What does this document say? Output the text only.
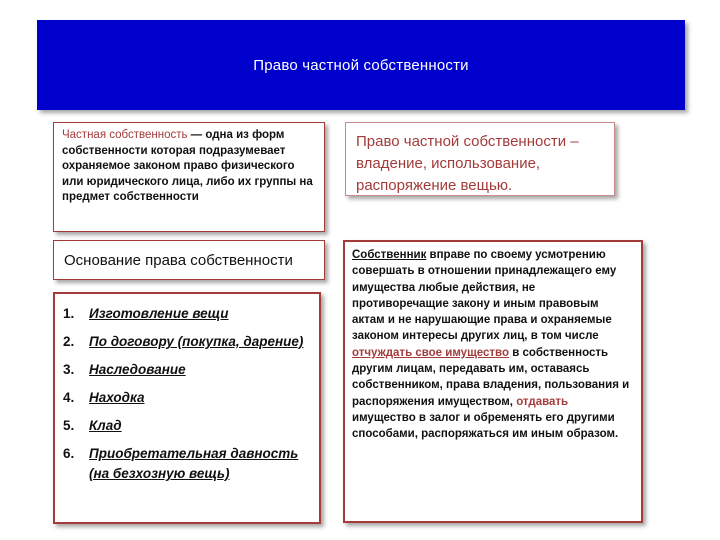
Право частной собственности
Частная собственность — одна из форм собственности которая подразумевает охраняемое законом право физического или юридического лица, либо их группы на предмет собственности
Право частной собственности – владение, использование, распоряжение вещью.
Основание права собственности
1.	Изготовление вещи
2.	По договору (покупка, дарение)
3.	Наследование
4.	Находка
5.	Клад
6.	Приобретательная давность (на безхозную вещь)
Собственник вправе по своему усмотрению совершать в отношении принадлежащего ему имущества любые действия, не противоречащие закону и иным правовым актам и не нарушающие права и охраняемые законом интересы других лиц, в том числе отчуждать свое имущество в собственность другим лицам, передавать им, оставаясь собственником, права владения, пользования и распоряжения имуществом, отдавать имущество в залог и обременять его другими способами, распоряжаться им иным образом.
